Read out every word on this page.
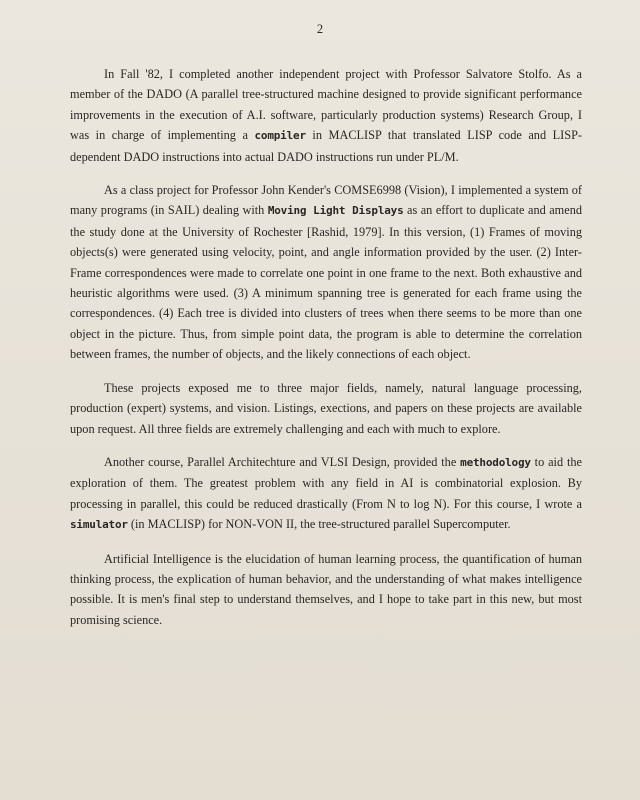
2

In Fall '82, I completed another independent project with Professor Salvatore Stolfo. As a member of the DADO (A parallel tree-structured machine designed to provide significant performance improvements in the execution of A.I. software, particularly production systems) Research Group, I was in charge of implementing a compiler in MACLISP that translated LISP code and LISP-dependent DADO instructions into actual DADO instructions run under PL/M.

As a class project for Professor John Kender's COMSE6998 (Vision), I implemented a system of many programs (in SAIL) dealing with Moving Light Displays as an effort to duplicate and amend the study done at the University of Rochester [Rashid, 1979]. In this version, (1) Frames of moving objects(s) were generated using velocity, point, and angle information provided by the user. (2) Inter-Frame correspondences were made to correlate one point in one frame to the next. Both exhaustive and heuristic algorithms were used. (3) A minimum spanning tree is generated for each frame using the correspondences. (4) Each tree is divided into clusters of trees when there seems to be more than one object in the picture. Thus, from simple point data, the program is able to determine the correlation between frames, the number of objects, and the likely connections of each object.

These projects exposed me to three major fields, namely, natural language processing, production (expert) systems, and vision. Listings, exections, and papers on these projects are available upon request. All three fields are extremely challenging and each with much to explore.

Another course, Parallel Architechture and VLSI Design, provided the methodology to aid the exploration of them. The greatest problem with any field in AI is combinatorial explosion. By processing in parallel, this could be reduced drastically (From N to log N). For this course, I wrote a simulator (in MACLISP) for NON-VON II, the tree-structured parallel Supercomputer.

Artificial Intelligence is the elucidation of human learning process, the quantification of human thinking process, the explication of human behavior, and the understanding of what makes intelligence possible. It is men's final step to understand themselves, and I hope to take part in this new, but most promising science.
